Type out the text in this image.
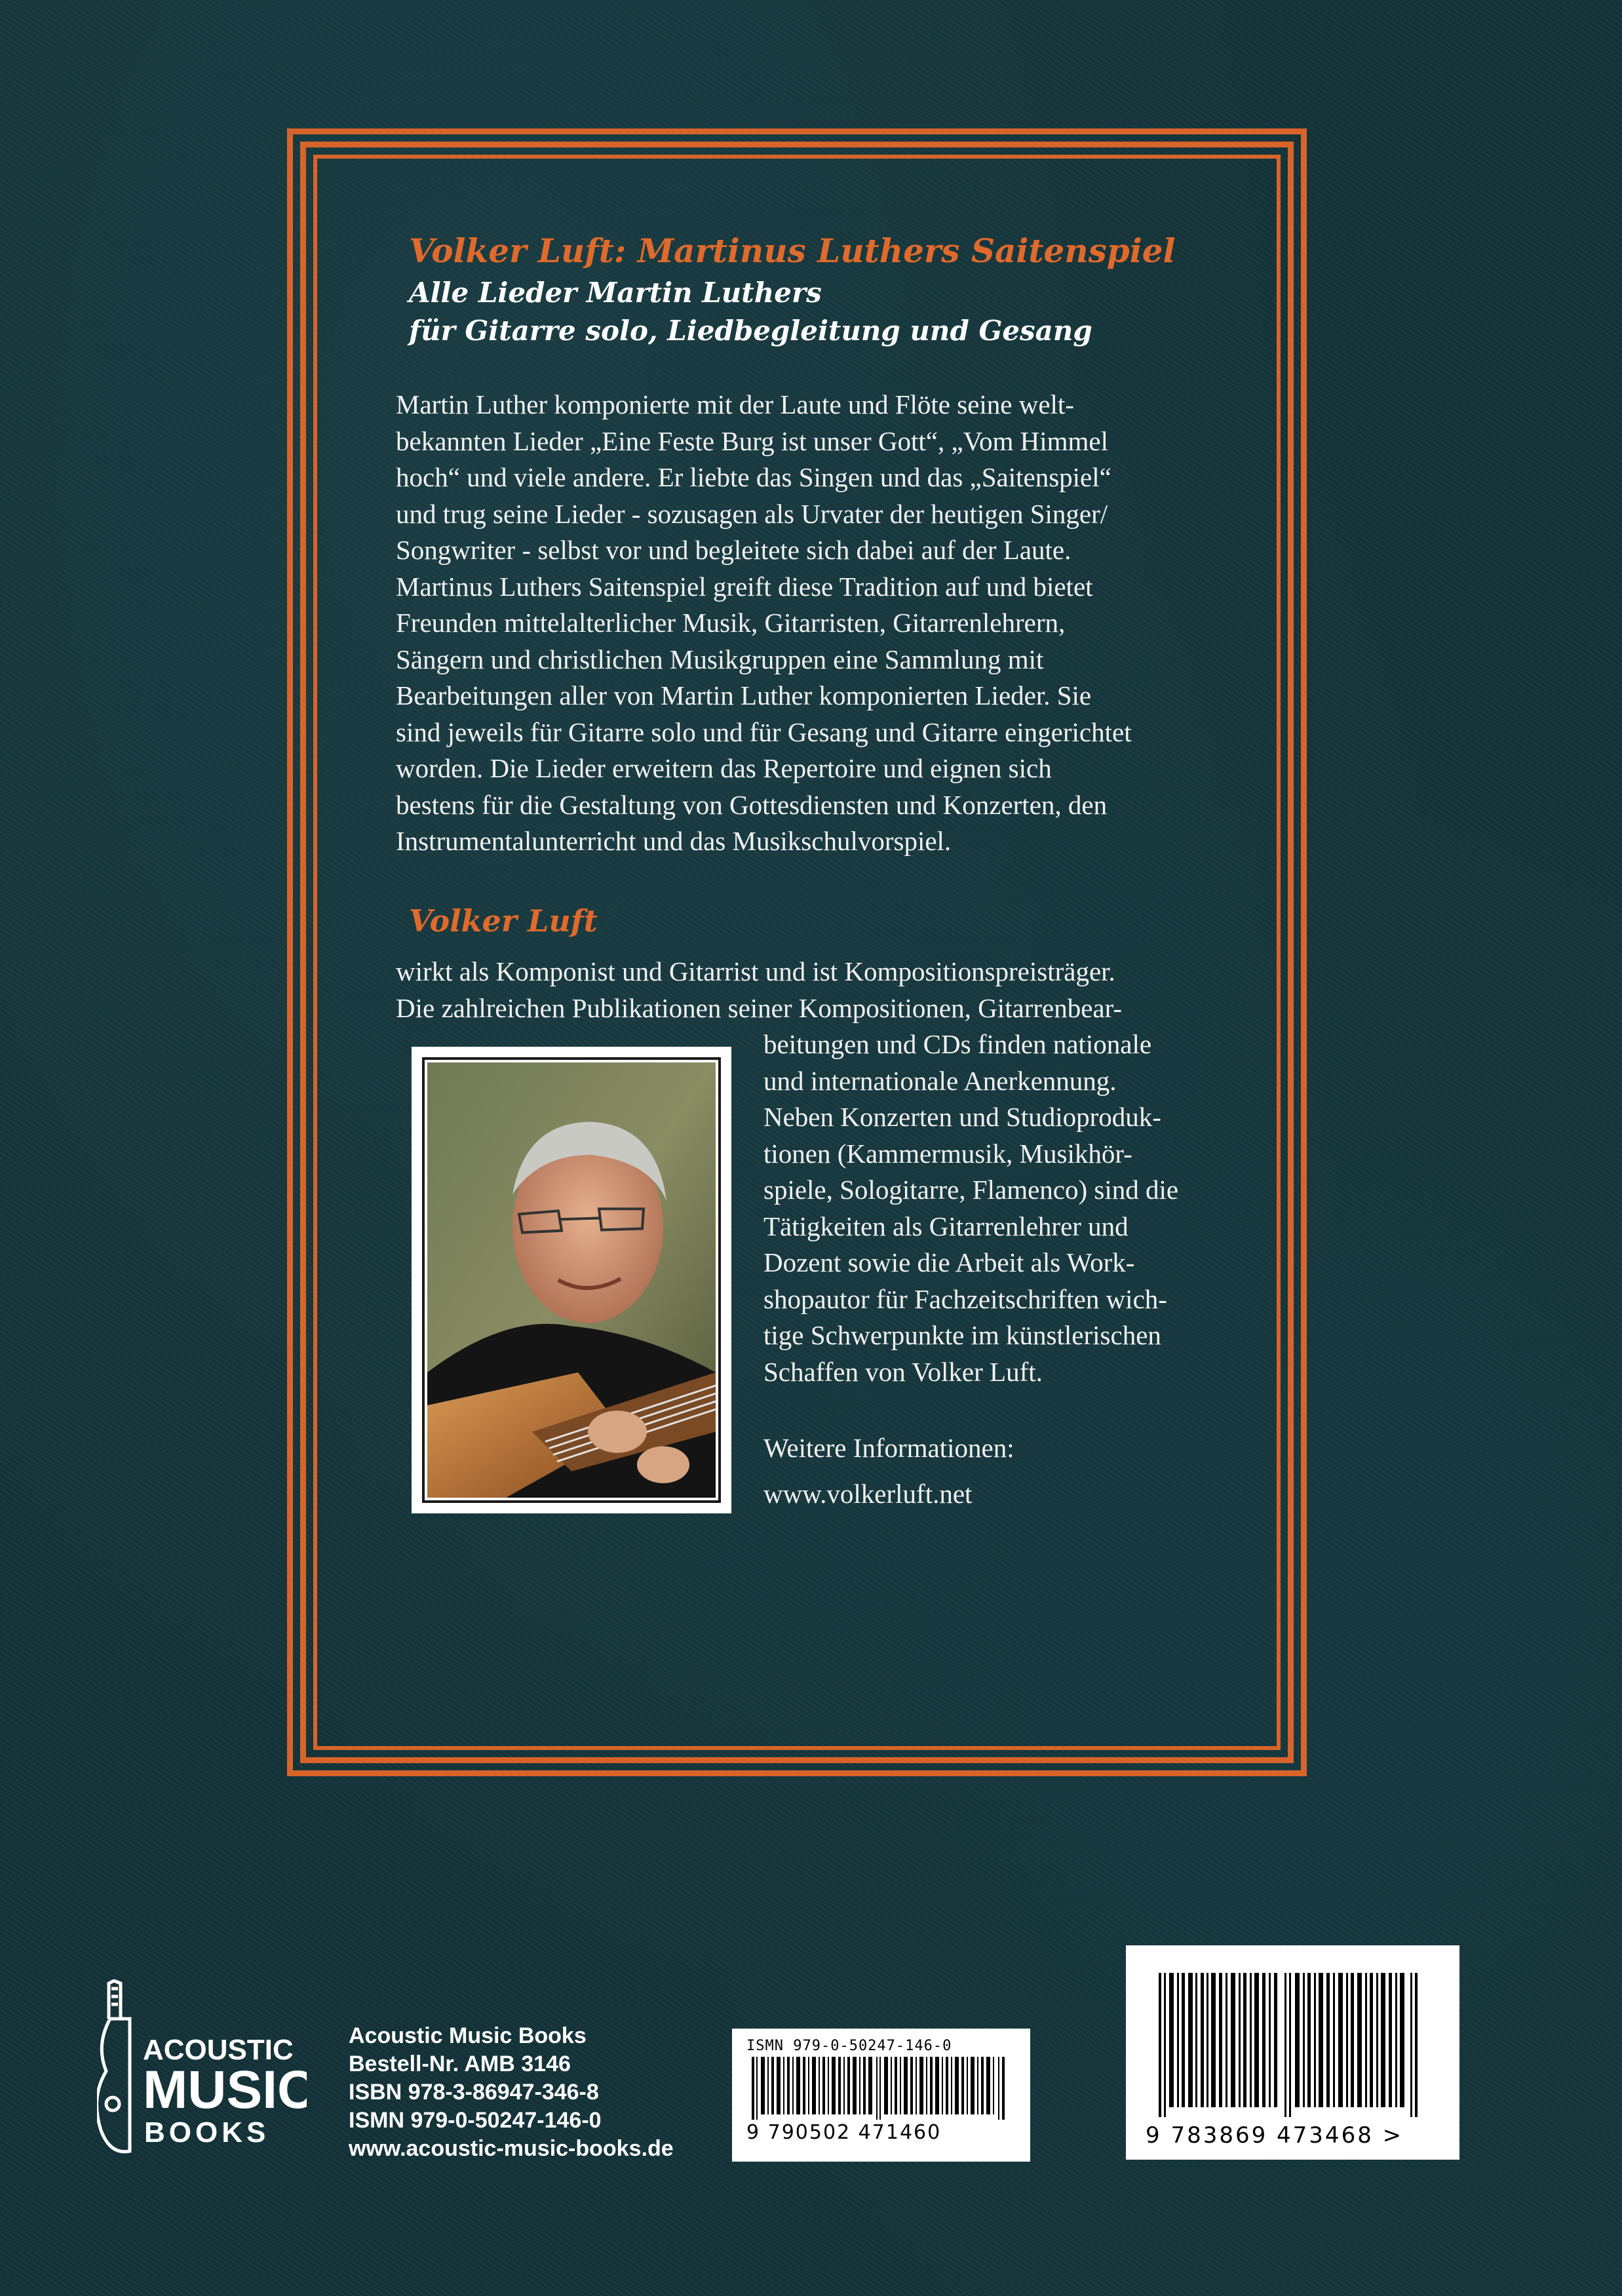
Volker Luft: Martinus Luthers Saitenspiel
Alle Lieder Martin Luthers
für Gitarre solo, Liedbegleitung und Gesang
Martin Luther komponierte mit der Laute und Flöte seine welt-
bekannten Lieder „Eine Feste Burg ist unser Gott“, „Vom Himmel
hoch“ und viele andere. Er liebte das Singen und das „Saitenspiel“
und trug seine Lieder - sozusagen als Urvater der heutigen Singer/
Songwriter - selbst vor und begleitete sich dabei auf der Laute.
Martinus Luthers Saitenspiel greift diese Tradition auf und bietet
Freunden mittelalterlicher Musik, Gitarristen, Gitarrenlehrern,
Sängern und christlichen Musikgruppen eine Sammlung mit
Bearbeitungen aller von Martin Luther komponierten Lieder. Sie
sind jeweils für Gitarre solo und für Gesang und Gitarre eingerichtet
worden. Die Lieder erweitern das Repertoire und eignen sich
bestens für die Gestaltung von Gottesdiensten und Konzerten, den
Instrumentalunterricht und das Musikschulvorspiel.
Volker Luft
wirkt als Komponist und Gitarrist und ist Kompositionspreisträger.
Die zahlreichen Publikationen seiner Kompositionen, Gitarrenbear-
beitungen und CDs finden nationale
und internationale Anerkennung.
Neben Konzerten und Studioproduk-
tionen (Kammermusik, Musikhör-
spiele, Sologitarre, Flamenco) sind die
Tätigkeiten als Gitarrenlehrer und
Dozent sowie die Arbeit als Work-
shopautor für Fachzeitschriften wich-
tige Schwerpunkte im künstlerischen
Schaffen von Volker Luft.
Weitere Informationen:
www.volkerluft.net
ACOUSTIC
MUSIC
BOOKS
Acoustic Music Books
Bestell-Nr. AMB 3146
ISBN 978-3-86947-346-8
ISMN 979-0-50247-146-0
www.acoustic-music-books.de
ISMN 979-0-50247-146-0
9 790502 471460	9 783869 473468 >
